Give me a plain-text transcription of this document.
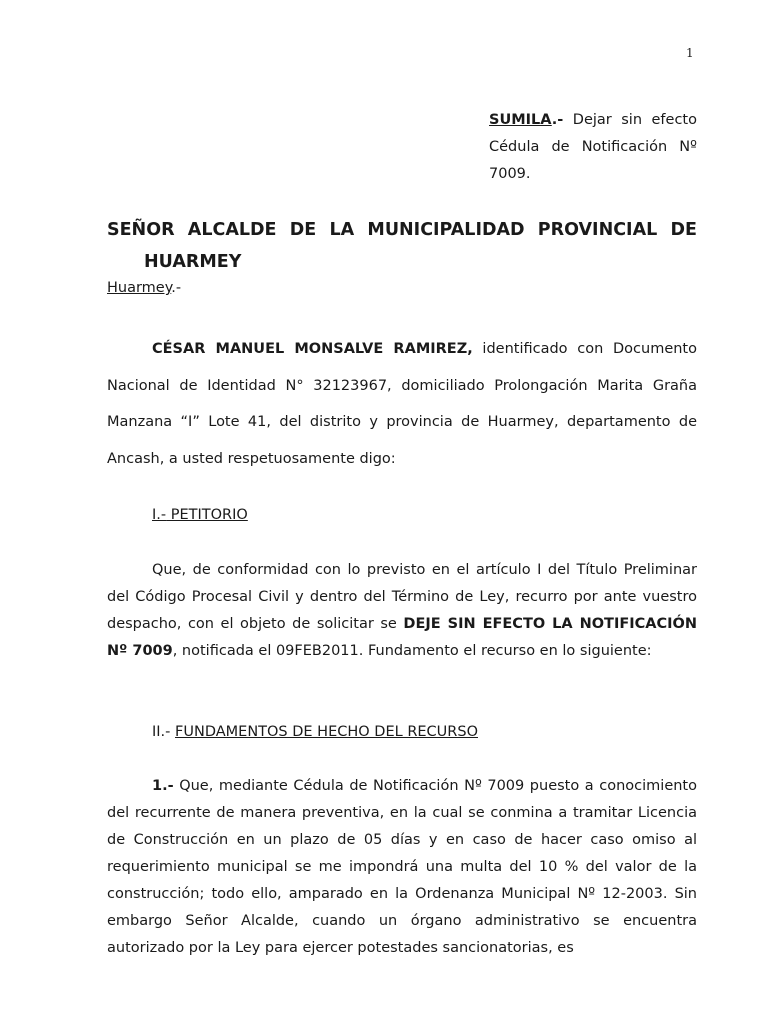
1
SUMILA.- Dejar sin efecto Cédula de Notificación Nº 7009.
SEÑOR ALCALDE DE LA MUNICIPALIDAD PROVINCIAL DE
HUARMEY
Huarmey.-

CÉSAR MANUEL MONSALVE RAMIREZ, identificado con Documento Nacional de Identidad N° 32123967, domiciliado Prolongación Marita Graña Manzana “I” Lote 41, del distrito y provincia de Huarmey, departamento de Ancash, a usted respetuosamente digo:

I.- PETITORIO

Que, de conformidad con lo previsto en el artículo I del Título Preliminar del Código Procesal Civil y dentro del Término de Ley, recurro por ante vuestro despacho, con el objeto de solicitar se DEJE SIN EFECTO LA NOTIFICACIÓN Nº 7009, notificada el 09FEB2011. Fundamento el recurso en lo siguiente:

II.- FUNDAMENTOS DE HECHO DEL RECURSO

1.- Que, mediante Cédula de Notificación Nº 7009 puesto a conocimiento del recurrente de manera preventiva, en la cual se conmina a tramitar Licencia de Construcción en un plazo de 05 días y en caso de hacer caso omiso al requerimiento municipal se me impondrá una multa del 10 % del valor de la construcción; todo ello, amparado en la Ordenanza Municipal Nº 12-2003. Sin embargo Señor Alcalde, cuando un órgano administrativo se encuentra autorizado por la Ley para ejercer potestades sancionatorias, es
